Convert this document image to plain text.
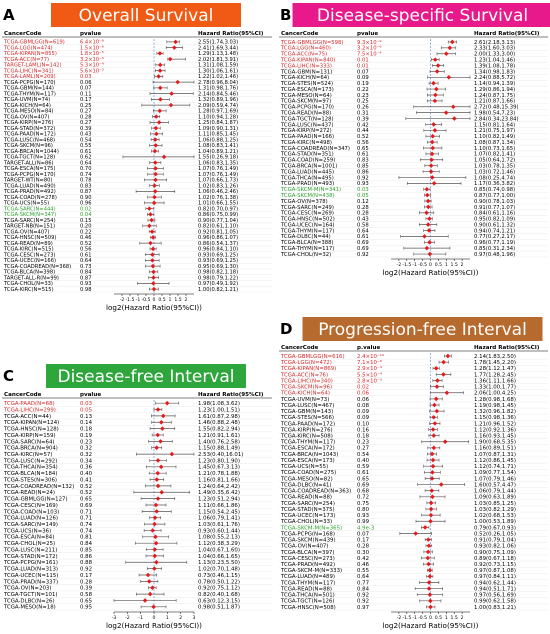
A	Overall Survival
CancerCode	pvalue	Hazard Ratio(95%CI)
TCGA-GBMLGG(N=619)	6.4×10⁻⁹	2.55(1.74,3.03)
TCGA-LGG(N=474)	1.5×10⁻⁶	2.41(1.69,3.44)
TCGA-KIPAN(N=855)	1.8×10⁻⁵	1.29(1.13,1.48)
TCGA-ACC(N=77)	3.2×10⁻⁵	2.02(1.81,3.91)
TARGET-LAML(N=142)	5.3×10⁻⁴	1.31(1.08,1.59)
TCGA-LIHC(N=341)	5.6×10⁻³	1.30(1.06,1.61)
TCGA-LAML(N=209)	0.03	1.22(1.02,1.46)
TCGA-PCPG(N=170)	0.06	2.78(0.96,8.04)
TCGA-GBM(N=144)	0.07	1.31(0.98,1.76)
TCGA-THYM(N=117)	0.11	2.14(0.84,5.46)
TCGA-UVM(N=74)	0.17	1.32(0.89,1.96)
TCGA-KICH(N=64)	0.25	2.09(0.59,4.74)
TCGA-MESO(N=84)	0.27	1.28(0.97,1.69)
TCGA-OV(N=407)	0.28	1.10(0.94,1.28)
TCGA-KIRP(N=276)	0.27	1.25(0.84,1.87)
TCGA-STAD(N=372)	0.39	1.09(0.90,1.31)
TCGA-PAAD(N=172)	0.43	1.11(0.85,1.45)
TCGA-LUSC(N=468)	0.54	1.06(0.88,1.25)
TCGA-SKCM(N=96)	0.55	1.08(0.83,1.41)
TCGA-BRCA(N=1044)	0.61	1.04(0.89,1.21)
TCGA-TGCT(N=128)	0.62	1.55(0.26,9.18)
TARGET-ALL(N=86)	0.64	1.06(0.83,1.35)
TCGA-ESCA(N=175)	0.70	1.07(0.76,1.49)
TCGA-PCPG(N=170)	0.74	1.07(0.76,1.49)
TARGET-WT(N=80)	0.78	1.07(0.66,1.73)
TCGA-LUAD(N=490)	0.83	1.02(0.83,1.26)
TCGA-PRAD(N=492)	0.87	1.06(0.46,2.46)
TCGA-COAD(N=278)	0.90	1.02(0.76,1.38)
TCGA-UCS(N=55)	0.96	1.01(0.66,1.55)
TCGA-SARC(N=444)	0.02	0.82(0.70,0.97)
TCGA-SKCM(N=347)	0.04	0.86(0.75,0.99)
TCGA-SARC(N=254)	0.15	0.90(0.77,1.04)
TARGET-NB(N=151)	0.20	0.82(0.61,1.10)
TCGA-OV(N=407)	0.22	0.92(0.81,1.05)
TCGA-HNSC(N=509)	0.46	0.96(0.86,1.07)
TCGA-READ(N=89)	0.52	0.86(0.54,1.37)
TCGA-KIRC(N=515)	0.56	0.96(0.84,1.10)
TCGA-CESC(N=273)	0.61	0.93(0.69,1.25)
TCGA-UCEC(N=166)	0.64	0.93(0.69,1.25)
TCGA-COADREAD(N=368) 0.73	0.95(0.69,1.30)
TCGA-BLCA(N=398)	0.84	0.98(0.82,1.18)
TARGET-ALL-R(N=99)	0.87	0.98(0.79,1.22)
TCGA-CHOL(N=33)	0.93	0.97(0.49,1.92)
TCGA-KIRC(N=515)	0.98	1.00(0.82,1.21)
-2 -1.5 -1 -0.5 0 0.5 1 1.5 2
log2(Hazard Ratio(95%CI))
B Disease-specific Survival
CancerCode	pvalue	Hazard Ratio(95%CI)
TCGA-GBMLGG(N=598)	9.3×10⁻⁹	2.61(2.18,3.13)
TCGA-LGG(N=460)	3.2×10⁻⁶	2.33(1.60,3.03)
TCGA-ACC(N=75)	7.5×10⁻⁴	2.00(1.33,3.00)
TCGA-KIPAN(N=840)	0.01	1.23(1.04,1.46)
TCGA-LIHC(N=333)	0.01	1.39(1.08,1.78)
TCGA-GBM(N=131)	0.07	1.34(0.98,1.83)
TCGA-KICH(N=64)	0.09	2.24(0.88,5.72)
TCGA-STES(N=524)	0.19	1.14(0.94,1.39)
TCGA-ESCA(N=173)	0.22	1.29(0.86,1.94)
TCGA-MESO(N=64)	0.23	1.24(0.87,1.75)
TCGA-SKCM(N=97)	0.25	1.21(0.87,1.66)
TCGA-PCPG(N=170)	0.26	2.72(0.48,15.39)
TCGA-READ(N=88)	0.31	1.98(0.54,7.23)
TCGA-TGCT(N=128)	0.39	2.84(0.34,23.84)
TCGA-LUSC(N=437)	0.42	1.15(0.81,1.64)
TCGA-KIRP(N=272)	0.44	1.21(0.75,1.97)
TCGA-PAAD(N=166)	0.52	1.10(0.82,1.49)
TCGA-KIRC(N=498)	0.56	1.08(0.87,1.34)
TCGA-COADREAD(N=347) 0.65	1.10(0.73,1.65)
TCGA-STAD(N=351)	0.61	1.07(0.82,1.41)
TCGA-COAD(N=259)	0.83	1.05(0.64,1.72)
TCGA-BRCA(N=1001)	0.85	1.03(0.78,1.35)
TCGA-LUAD(N=445)	0.86	1.03(0.72,1.46)
TCGA-THCA(N=495)	0.92	1.08(0.25,4.74)
TCGA-PRAD(N=493)	0.93	1.17(0.36,3.82)
TCGA-SKCM-M(N=341)	0.03	0.85(0.74,0.98)
TCGA-SKCM(N=438)	0.05	0.87(0.77,1.00)
TCGA-OV(N=378)	0.12	0.90(0.78,1.03)
TCGA-SARC(N=249)	0.28	0.91(0.77,1.07)
TCGA-CESC(N=269)	0.28	0.84(0.61,1.16)
TCGA-HNSC(N=502)	0.43	0.95(0.82,1.09)
TCGA-UCEC(N=164)	0.58	0.90(0.61,1.32)
TCGA-THYM(N=117)	0.64	0.94(0.74,1.21)
TCGA-DLBC(N=44)	0.61	0.77(0.27,2.17)
TCGA-BLCA(N=388)	0.69	0.96(0.77,1.19)
TCGA-THYM(N=117)	0.69	0.85(0.31,2.34)
TCGA-CHOL(N=32)	0.92	0.97(0.48,1.96)
-2 -1.5 -1 -0.5 0 0.5 1 1.5 2
log2(Hazard Ratio(95%CI))
C	Disease-free Interval
CancerCode	pvalue	Hazard Ratio(95%CI)
TCGA-PAAD(N=68)	0.03	1.98(1.08,3.62)
TCGA-LIHC(N=299)	0.05	1.23(1.00,1.51)
TCGA-ACC(N=44)	0.13	1.61(0.87,2.98)
TCGA-KIPAN(N=124)	0.14	1.46(0.88,2.48)
TCGA-HNSC(N=128)	0.18	1.55(0.82,2.94)
TCGA-KIRP(N=159)	0.19	1.21(0.91,1.61)
TCGA-SARC(N=64)	0.23	1.40(0.76,2.58)
TCGA-BRCA(N=904)	0.32	1.15(0.88,1.49)
TCGA-KIRC(N=57)	0.32	2.53(0.40,16.01)
TCGA-LUSC(N=292)	0.34	1.23(0.80,1.90)
TCGA-THCA(N=354)	0.36	1.45(0.67,3.13)
TCGA-BLCA(N=184)	0.40	1.21(0.78,1.88)
TCGA-STES(N=306)	0.41	1.16(0.81,1.66)
TCGA-COADREAD(N=132) 0.52	1.24(0.64,2.42)
TCGA-READ(N=24)	0.52	1.49(0.35,6.42)
TCGA-GBMLGG(N=127) 0.65	1.23(0.51,2.94)
TCGA-CESC(N=169)	0.69	1.11(0.66,1.86)
TCGA-COAD(N=103)	0.71	1.15(0.54,2.45)
TCGA-LUAD(N=126)	0.71	1.06(0.79,1.41)
TCGA-SARC(N=149)	0.74	1.03(0.61,1.76)
TCGA-UCS(N=36)	0.74	0.93(0.60,1.44)
TCGA-ESCA(N=84)	0.81	1.08(0.55,2.13)
TCGA-CHOL(N=25)	0.84	1.12(0.38,3.29)
TCGA-LUSC(N=211)	0.85	1.04(0.67,1.60)
TCGA-STAD(N=172)	0.86	1.04(0.66,1.65)
TCGA-PCPG(N=161)	0.88	1.13(0.23,5.50)
TCGA-LUAD(N=313)	0.92	1.02(0.70,1.48)
TCGA-UCEC(N=115)	0.17	0.73(0.46,1.15)
TCGA-PRAD(N=337)	0.28	0.78(0.50,1.22)
TCGA-OV(N=203)	0.39	0.92(0.75,1.12)
TCGA-TGCT(N=101)	0.58	0.82(0.40,1.68)
TCGA-DLBC(N=26)	0.65	0.63(0.12,3.15)
TCGA-MESO(N=18)	0.95	0.98(0.51,1.87)
-3 -2 -1 0 1 2 3
log2(Hazard Ratio(95%CI))
D Progression-free Interval
CancerCode	p.value	Hazard Ratio(95%CI)
TCGA-GBMLGG(N=616) 2.4×10⁻¹⁰	2.14(1.83,2.50)
TCGA-LGG(N=472)	7.1×10⁻⁶	1.78(1.45,2.20)
TCGA-KIPAN(N=869)	2.9×10⁻⁴	1.28(1.12,1.47)
TCGA-ACC(N=76)	5.5×10⁻⁴	1.77(1.28,2.45)
TCGA-LIHC(N=340)	2.8×10⁻³	1.36(1.11,1.66)
TCGA-SKCM(N=96)	0.02	1.33(1.00,1.77)
TCGA-KICH(N=64)	0.06	2.06(1.00,4.25)
TCGA-UVM(N=73)	0.06	1.28(0.98,1.68)
TCGA-LUSC(N=467)	0.08	1.19(0.98,1.45)
TCGA-GBM(N=143)	0.09	1.32(0.96,1.82)
TCGA-STES(N=566)	0.09	1.15(0.98,1.36)
TCGA-PAAD(N=172)	0.10	1.21(0.96,1.52)
TCGA-KIRP(N=276)	0.16	1.12(0.92,1.36)
TCGA-KIRC(N=508)	0.18	1.16(0.93,1.45)
TCGA-THYM(N=117)	0.23	1.90(0.68,5.35)
TCGA-ESCA(N=172)	0.27	1.16(0.89,1.51)
TCGA-BRCA(N=1043)	0.54	1.07(0.87,1.31)
TCGA-ESCA(N=173)	0.40	1.12(0.86,1.45)
TCGA-UCS(N=55)	0.59	1.12(0.74,1.71)
TCGA-COAD(N=275)	0.61	1.09(0.77,1.54)
TCGA-MESO(N=82)	0.65	1.07(0.79,1.46)
TCGA-DLBC(N=41)	0.69	1.60(0.57,4.47)
TCGA-COADREAD(N=363) 0.68	1.06(0.79,1.44)
TCGA-READ(N=88)	0.72	1.09(0.63,1.89)
TCGA-SARC(N=254)	0.75	1.03(0.85,1.25)
TCGA-STAD(N=375)	0.80	1.03(0.82,1.29)
TCGA-UCEC(N=173)	0.93	1.02(0.68,1.53)
TCGA-CHOL(N=33)	0.99	1.00(0.53,1.89)
TCGA-SKCM-M(N=365)	4.9e-3	0.79(0.67,0.93)
TCGA-PCPG(N=168)	0.07	0.52(0.26,1.05)
TCGA-SKCM(N=439)	0.17	0.91(0.79,1.04)
TCGA-OV(N=407)	0.28	0.93(0.82,1.06)
TCGA-BLCA(N=397)	0.30	0.90(0.75,1.09)
TCGA-CESC(N=273)	0.42	0.89(0.67,1.18)
TCGA-PRAD(N=492)	0.46	0.92(0.73,1.15)
TCGA-SKCM-M(N=333)	0.55	0.97(0.87,1.08)
TCGA-LUAD(N=489)	0.64	0.97(0.84,1.11)
TCGA-THYM(N=117)	0.77	0.94(0.62,1.44)
TCGA-READ(N=88)	0.84	0.94(0.51,1.71)
TCGA-THCA(N=501)	0.92	0.97(0.56,1.69)
TCGA-TGCT(N=126)	0.92	0.99(0.62,1.58)
TCGA-HNSC(N=508)	0.97	1.00(0.83,1.21)
-2 -1.5 -1 -0.5 0 0.5 1 1.5 2
log2(Hazard Ratio(95%CI))
